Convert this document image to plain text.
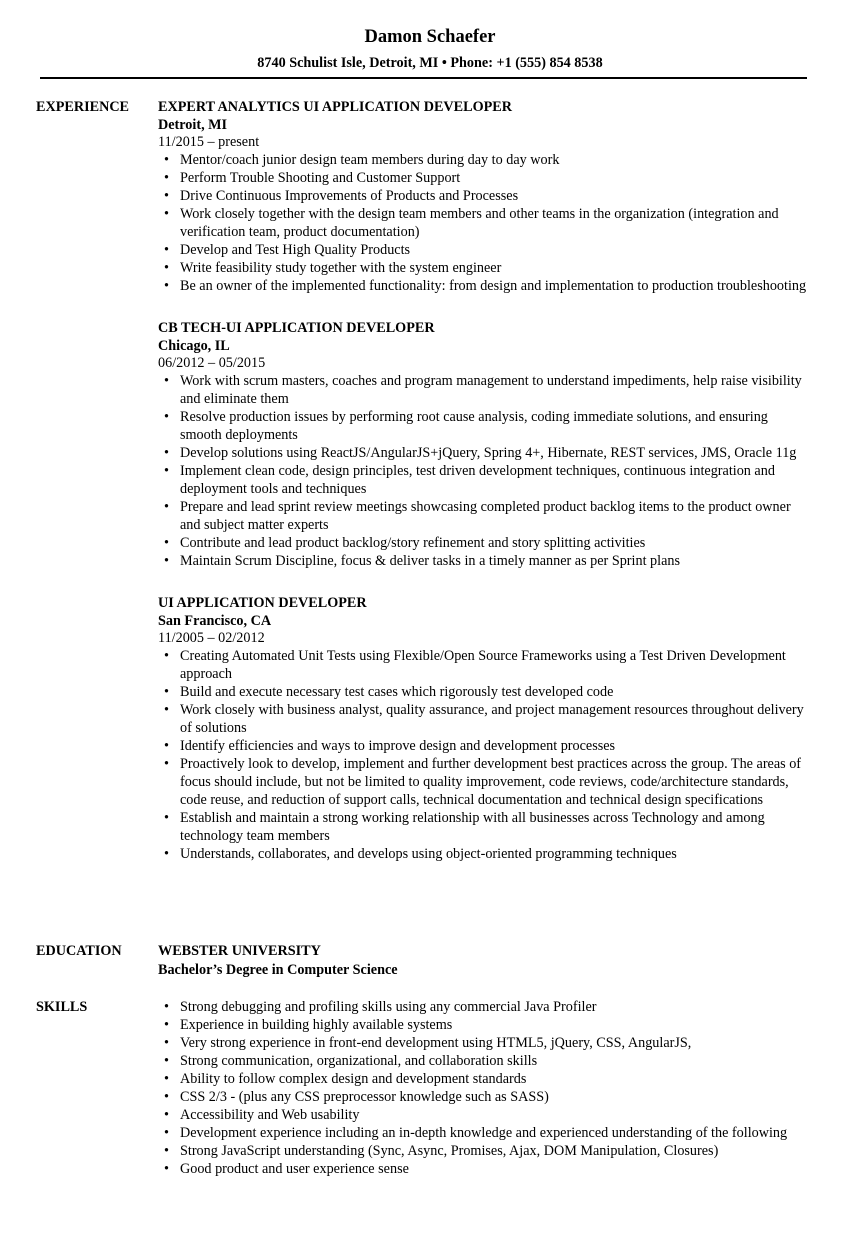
Damon Schaefer
8740 Schulist Isle, Detroit, MI • Phone: +1 (555) 854 8538
EXPERIENCE EXPERT ANALYTICS UI APPLICATION DEVELOPER
Detroit, MI
11/2015 – present
• Mentor/coach junior design team members during day to day work
• Perform Trouble Shooting and Customer Support
• Drive Continuous Improvements of Products and Processes
• Work closely together with the design team members and other teams in the organization (integration and verification team, product documentation)
• Develop and Test High Quality Products
• Write feasibility study together with the system engineer
• Be an owner of the implemented functionality: from design and implementation to production troubleshooting
CB TECH-UI APPLICATION DEVELOPER
Chicago, IL
06/2012 – 05/2015
• Work with scrum masters, coaches and program management to understand impediments, help raise visibility and eliminate them
• Resolve production issues by performing root cause analysis, coding immediate solutions, and ensuring smooth deployments
• Develop solutions using ReactJS/AngularJS+jQuery, Spring 4+, Hibernate, REST services, JMS, Oracle 11g
• Implement clean code, design principles, test driven development techniques, continuous integration and deployment tools and techniques
• Prepare and lead sprint review meetings showcasing completed product backlog items to the product owner and subject matter experts
• Contribute and lead product backlog/story refinement and story splitting activities
• Maintain Scrum Discipline, focus & deliver tasks in a timely manner as per Sprint plans
UI APPLICATION DEVELOPER
San Francisco, CA
11/2005 – 02/2012
• Creating Automated Unit Tests using Flexible/Open Source Frameworks using a Test Driven Development approach
• Build and execute necessary test cases which rigorously test developed code
• Work closely with business analyst, quality assurance, and project management resources throughout delivery of solutions
• Identify efficiencies and ways to improve design and development processes
• Proactively look to develop, implement and further development best practices across the group. The areas of focus should include, but not be limited to quality improvement, code reviews, code/architecture standards, code reuse, and reduction of support calls, technical documentation and technical design specifications
• Establish and maintain a strong working relationship with all businesses across Technology and among technology team members
• Understands, collaborates, and develops using object-oriented programming techniques
EDUCATION	WEBSTER UNIVERSITY
Bachelor’s Degree in Computer Science
SKILLS
•	Strong debugging and profiling skills using any commercial Java Profiler
• Experience in building highly available systems
• Very strong experience in front-end development using HTML5, jQuery, CSS, AngularJS,
• Strong communication, organizational, and collaboration skills
• Ability to follow complex design and development standards
• CSS 2/3 - (plus any CSS preprocessor knowledge such as SASS)
• Accessibility and Web usability
• Development experience including an in-depth knowledge and experienced understanding of the following
• Strong JavaScript understanding (Sync, Async, Promises, Ajax, DOM Manipulation, Closures)
• Good product and user experience sense
